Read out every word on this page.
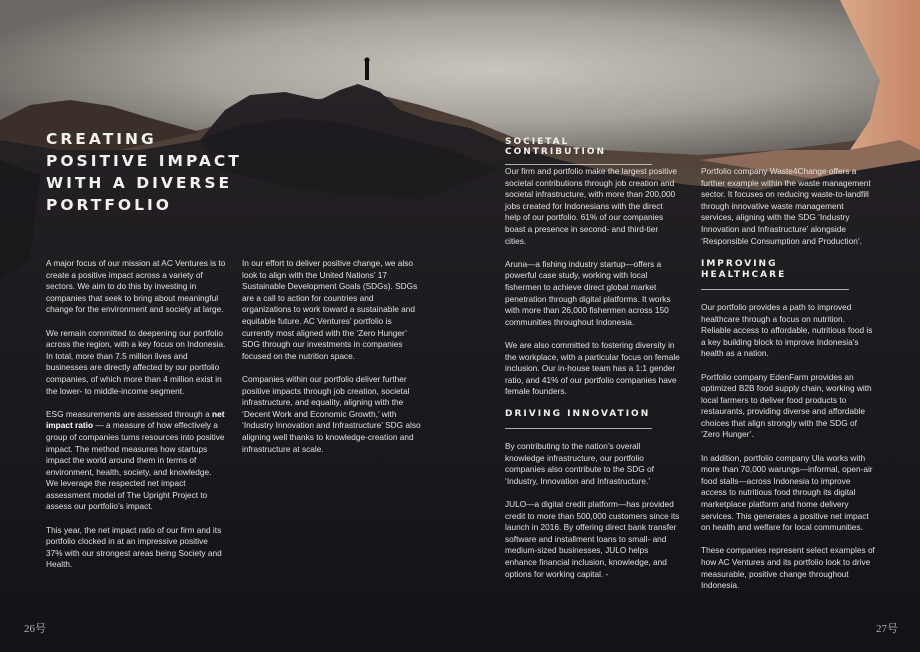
CREATING
POSITIVE IMPACT
WITH A DIVERSE
PORTFOLIO

A major focus of our mission at AC Ventures is to create a positive impact across a variety of sectors. We aim to do this by investing in companies that seek to bring about meaningful change for the environment and society at large.

We remain committed to deepening our portfolio across the region, with a key focus on Indonesia. In total, more than 7.5 million lives and businesses are directly affected by our portfolio companies, of which more than 4 million exist in the lower- to middle-income segment.

ESG measurements are assessed through a net impact ratio — a measure of how effectively a group of companies turns resources into positive impact. The method measures how startups impact the world around them in terms of environment, health, society, and knowledge. We leverage the respected net impact assessment model of The Upright Project to assess our portfolio’s impact.

This year, the net impact ratio of our firm and its portfolio clocked in at an impressive positive 37% with our strongest areas being Society and Health.

In our effort to deliver positive change, we also look to align with the United Nations’ 17 Sustainable Development Goals (SDGs). SDGs are a call to action for countries and organizations to work toward a sustainable and equitable future. AC Ventures’ portfolio is currently most aligned with the ‘Zero Hunger’ SDG through our investments in companies focused on the nutrition space.

Companies within our portfolio deliver further positive impacts through job creation, societal infrastructure, and equality, aligning with the ‘Decent Work and Economic Growth,’ with ‘Industry Innovation and Infrastructure’ SDG also aligning well thanks to knowledge-creation and infrastructure at scale.

SOCIETAL CONTRIBUTION

Our firm and portfolio make the largest positive societal contributions through job creation and societal infrastructure, with more than 200,000 jobs created for Indonesians with the direct help of our portfolio. 61% of our companies boast a presence in second- and third-tier cities.

Aruna—a fishing industry startup—offers a powerful case study, working with local fishermen to achieve direct global market penetration through digital platforms. It works with more than 26,000 fishermen across 150 communities throughout Indonesia.

We are also committed to fostering diversity in the workplace, with a particular focus on female inclusion. Our in-house team has a 1:1 gender ratio, and 41% of our portfolio companies have female founders.

DRIVING INNOVATION

By contributing to the nation’s overall knowledge infrastructure, our portfolio companies also contribute to the SDG of ‘Industry, Innovation and Infrastructure.’

JULO—a digital credit platform—has provided credit to more than 500,000 customers since its launch in 2016. By offering direct bank transfer software and installment loans to small- and medium-sized businesses, JULO helps enhance financial inclusion, knowledge, and options for working capital. -

Portfolio company Waste4Change offers a further example within the waste management sector. It focuses on reducing waste-to-landfill through innovative waste management services, aligning with the SDG ‘Industry Innovation and Infrastructure’ alongside ‘Responsible Consumption and Production’.

IMPROVING HEALTHCARE

Our portfolio provides a path to improved healthcare through a focus on nutrition. Reliable access to affordable, nutritious food is a key building block to improve Indonesia’s health as a nation.

Portfolio company EdenFarm provides an optimized B2B food supply chain, working with local farmers to deliver food products to restaurants, providing diverse and affordable choices that align strongly with the SDG of ‘Zero Hunger’.

In addition, portfolio company Ula works with more than 70,000 warungs—informal, open-air food stalls—across Indonesia to improve access to nutritious food through its digital marketplace platform and home delivery services. This generates a positive net impact on health and welfare for local communities.

These companies represent select examples of how AC Ventures and its portfolio look to drive measurable, positive change throughout Indonesia.

26号	27号
